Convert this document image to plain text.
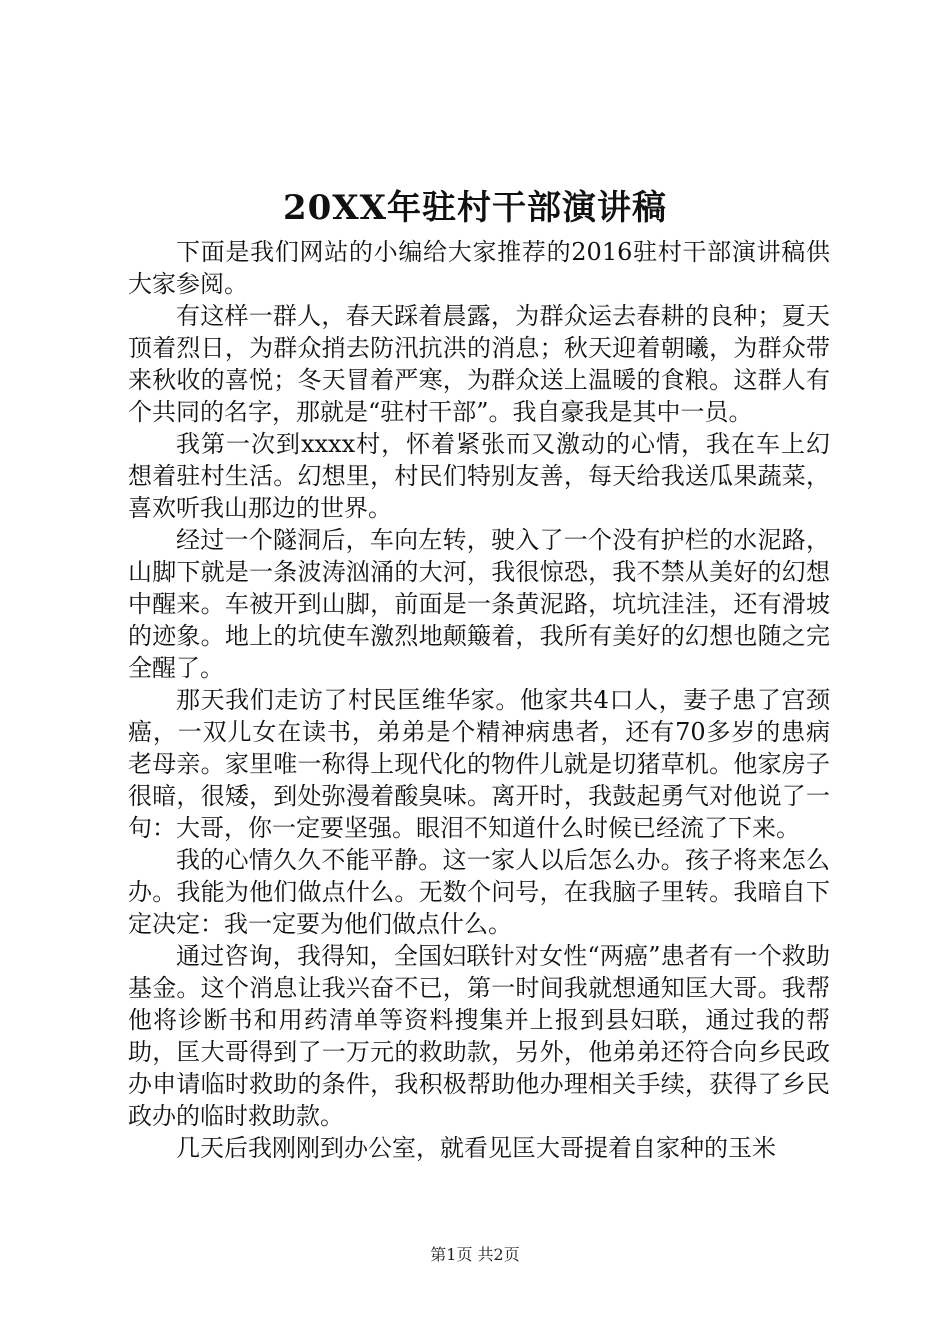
20XX年驻村干部演讲稿

下面是我们网站的小编给大家推荐的2016驻村干部演讲稿供大家参阅。

有这样一群人，春天踩着晨露，为群众运去春耕的良种；夏天顶着烈日，为群众捎去防汛抗洪的消息；秋天迎着朝曦，为群众带来秋收的喜悦；冬天冒着严寒，为群众送上温暖的食粮。这群人有个共同的名字，那就是“驻村干部”。我自豪我是其中一员。

我第一次到xxxx村，怀着紧张而又激动的心情，我在车上幻想着驻村生活。幻想里，村民们特别友善，每天给我送瓜果蔬菜，喜欢听我山那边的世界。

经过一个隧洞后，车向左转，驶入了一个没有护栏的水泥路，山脚下就是一条波涛汹涌的大河，我很惊恐，我不禁从美好的幻想中醒来。车被开到山脚，前面是一条黄泥路，坑坑洼洼，还有滑坡的迹象。地上的坑使车激烈地颠簸着，我所有美好的幻想也随之完全醒了。

那天我们走访了村民匡维华家。他家共4口人，妻子患了宫颈癌，一双儿女在读书，弟弟是个精神病患者，还有70多岁的患病老母亲。家里唯一称得上现代化的物件儿就是切猪草机。他家房子很暗，很矮，到处弥漫着酸臭味。离开时，我鼓起勇气对他说了一句：大哥，你一定要坚强。眼泪不知道什么时候已经流了下来。

我的心情久久不能平静。这一家人以后怎么办。孩子将来怎么办。我能为他们做点什么。无数个问号，在我脑子里转。我暗自下定决定：我一定要为他们做点什么。

通过咨询，我得知，全国妇联针对女性“两癌”患者有一个救助基金。这个消息让我兴奋不已，第一时间我就想通知匡大哥。我帮他将诊断书和用药清单等资料搜集并上报到县妇联，通过我的帮助，匡大哥得到了一万元的救助款，另外，他弟弟还符合向乡民政办申请临时救助的条件，我积极帮助他办理相关手续，获得了乡民政办的临时救助款。

几天后我刚刚到办公室，就看见匡大哥提着自家种的玉米

第1页 共2页
